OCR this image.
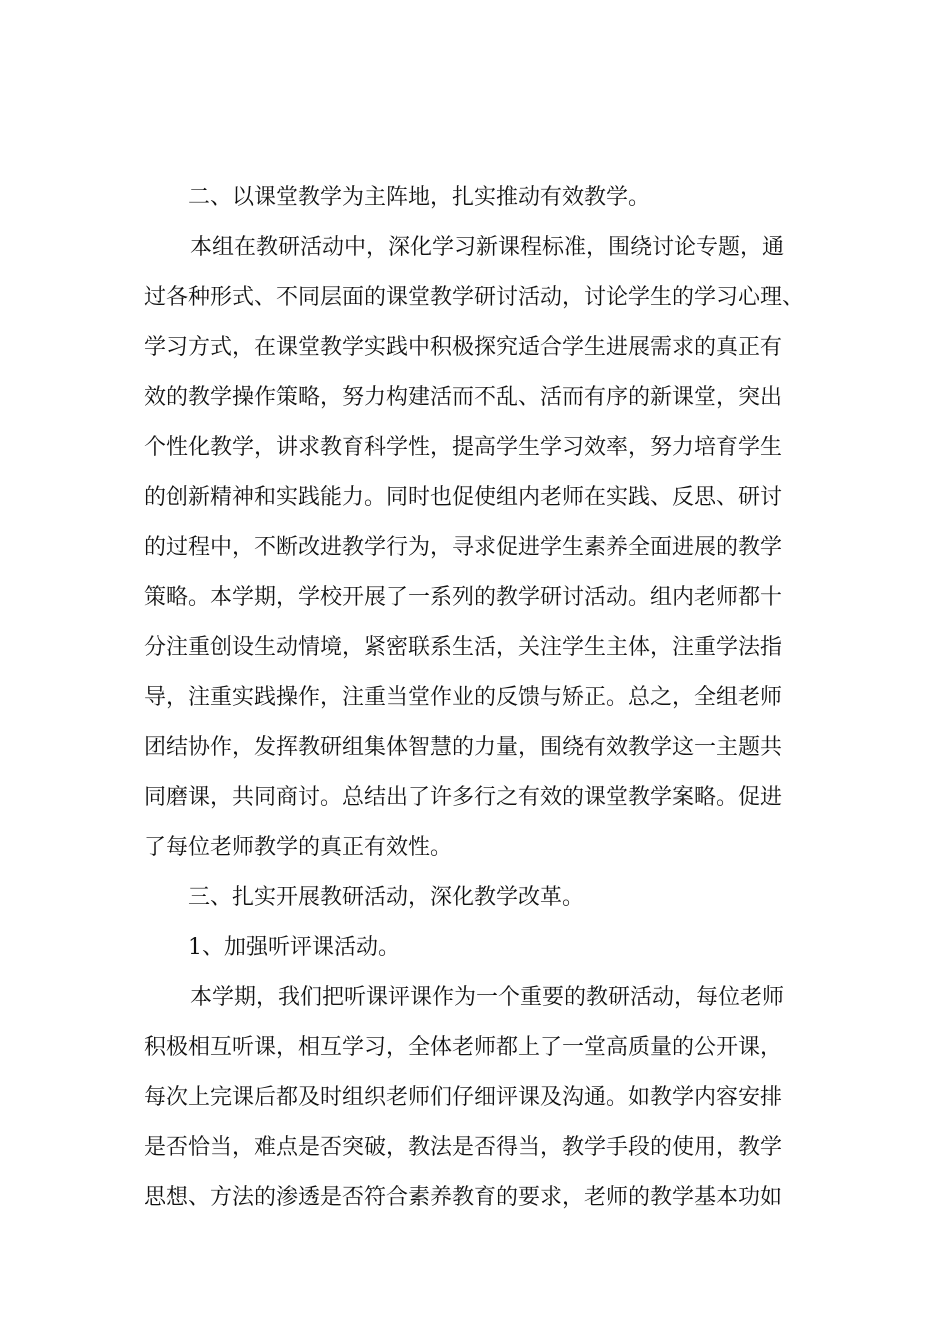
二、以课堂教学为主阵地，扎实推动有效教学。

本组在教研活动中，深化学习新课程标准，围绕讨论专题，通
过各种形式、不同层面的课堂教学研讨活动，讨论学生的学习心理、
学习方式，在课堂教学实践中积极探究适合学生进展需求的真正有
效的教学操作策略，努力构建活而不乱、活而有序的新课堂，突出
个性化教学，讲求教育科学性，提高学生学习效率，努力培育学生
的创新精神和实践能力。同时也促使组内老师在实践、反思、研讨
的过程中，不断改进教学行为，寻求促进学生素养全面进展的教学
策略。本学期，学校开展了一系列的教学研讨活动。组内老师都十
分注重创设生动情境，紧密联系生活，关注学生主体，注重学法指
导，注重实践操作，注重当堂作业的反馈与矫正。总之，全组老师
团结协作，发挥教研组集体智慧的力量，围绕有效教学这一主题共
同磨课，共同商讨。总结出了许多行之有效的课堂教学案略。促进
了每位老师教学的真正有效性。

三、扎实开展教研活动，深化教学改革。

1、加强听评课活动。

本学期，我们把听课评课作为一个重要的教研活动，每位老师
积极相互听课，相互学习，全体老师都上了一堂高质量的公开课，
每次上完课后都及时组织老师们仔细评课及沟通。如教学内容安排
是否恰当，难点是否突破，教法是否得当，教学手段的使用，教学
思想、方法的渗透是否符合素养教育的要求，老师的教学基本功如
